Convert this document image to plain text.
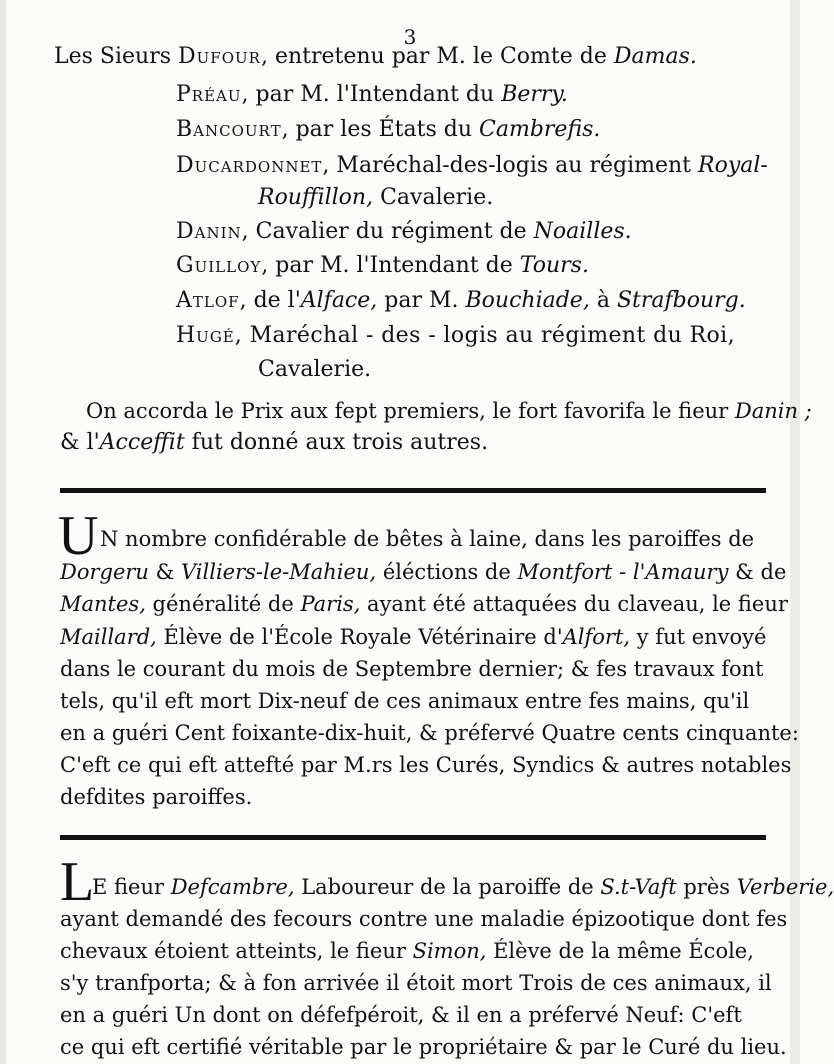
3
Les Sieurs Dufour, entretenu par M. le Comte de Damas.
Préau, par M. l'Intendant du Berry.
Bancourt, par les États du Cambrefis.
Ducardonnet, Maréchal-des-logis au régiment Royal-
Rouffillon, Cavalerie.
Danin, Cavalier du régiment de Noailles.
Guilloy, par M. l'Intendant de Tours.
Atlof, de l'Alface, par M. Bouchiade, à Strafbourg.
Hugé, Maréchal - des - logis au régiment du Roi,
Cavalerie.
On accorda le Prix aux fept premiers, le fort favorifa le fieur Danin ;
& l'Acceffit fut donné aux trois autres.
U N nombre confidérable de bêtes à laine, dans les paroiffes de
Dorgeru & Villiers-le-Mahieu, éléctions de Montfort - l'Amaury & de
Mantes, généralité de Paris, ayant été attaquées du claveau, le fieur
Maillard, Élève de l'École Royale Vétérinaire d'Alfort, y fut envoyé
dans le courant du mois de Septembre dernier; & fes travaux font
tels, qu'il eft mort Dix-neuf de ces animaux entre fes mains, qu'il
en a guéri Cent foixante-dix-huit, & préfervé Quatre cents cinquante:
C'eft ce qui eft attefté par M.rs les Curés, Syndics & autres notables
defdites paroiffes.
L
E fieur Defcambre, Laboureur de la paroiffe de S.t-Vaft près Verberie,
ayant demandé des fecours contre une maladie épizootique dont fes
chevaux étoient atteints, le fieur Simon, Élève de la même École,
s'y tranfporta; & à fon arrivée il étoit mort Trois de ces animaux, il
en a guéri Un dont on défefpéroit, & il en a préfervé Neuf: C'eft
ce qui eft certifié véritable par le propriétaire & par le Curé du lieu.
